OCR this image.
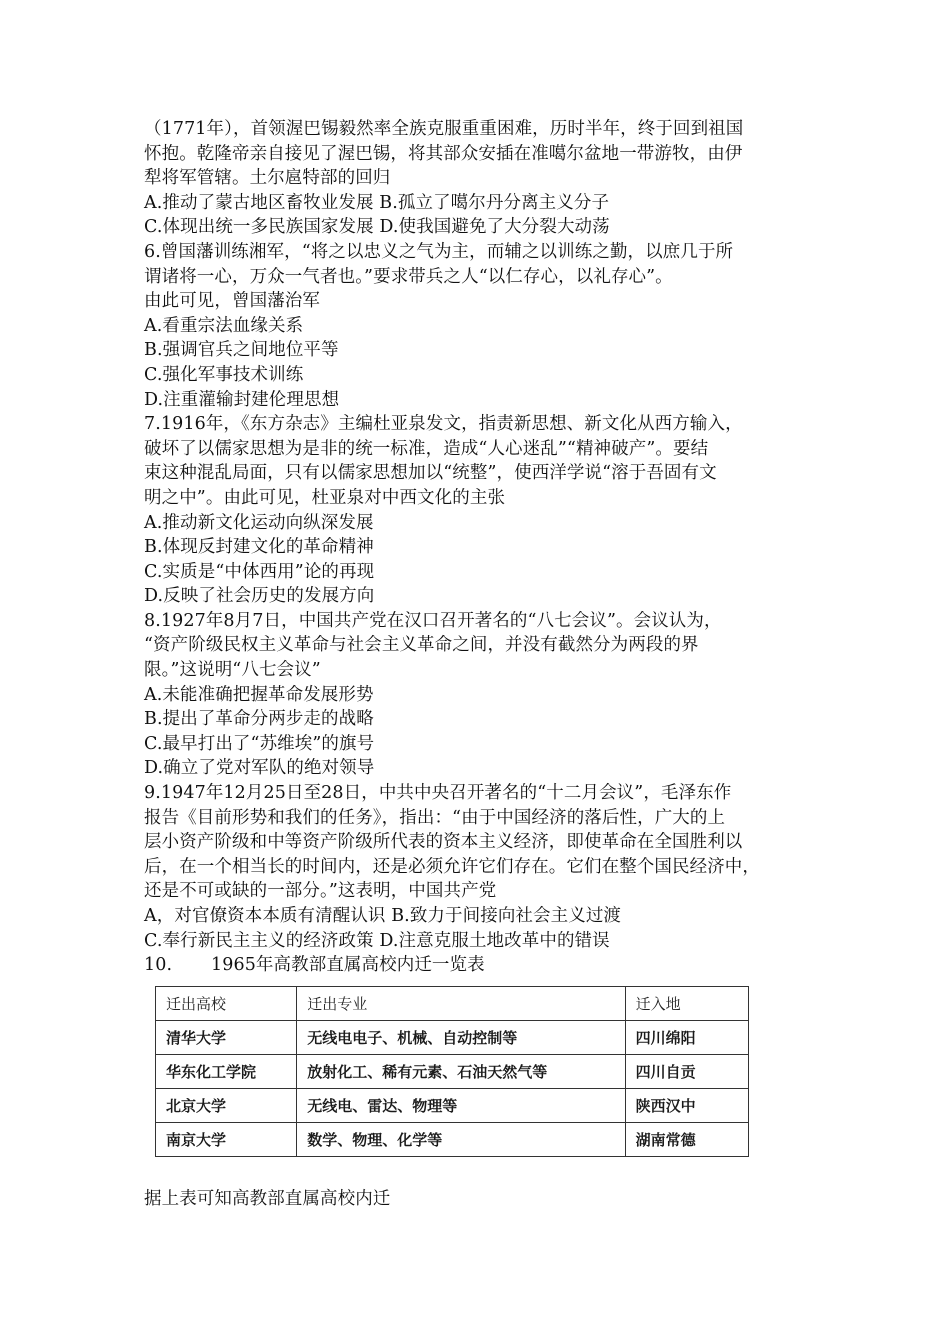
（1771年），首领渥巴锡毅然率全族克服重重困难，历时半年，终于回到祖国
怀抱。乾隆帝亲自接见了渥巴锡，将其部众安插在准噶尔盆地一带游牧，由伊
犁将军管辖。土尔扈特部的回归
A.推动了蒙古地区畜牧业发展 B.孤立了噶尔丹分离主义分子
C.体现出统一多民族国家发展 D.使我国避免了大分裂大动荡
6.曾国藩训练湘军，“将之以忠义之气为主，而辅之以训练之勤，以庶几于所
谓诸将一心，万众一气者也。”要求带兵之人“以仁存心，以礼存心”。
由此可见，曾国藩治军
A.看重宗法血缘关系
B.强调官兵之间地位平等
C.强化军事技术训练
D.注重灌输封建伦理思想
7.1916年，《东方杂志》主编杜亚泉发文，指责新思想、新文化从西方输入，
破坏了以儒家思想为是非的统一标准，造成“人心迷乱”“精神破产”。要结
束这种混乱局面，只有以儒家思想加以“统整”，使西洋学说“溶于吾固有文
明之中”。由此可见，杜亚泉对中西文化的主张
A.推动新文化运动向纵深发展
B.体现反封建文化的革命精神
C.实质是“中体西用”论的再现
D.反映了社会历史的发展方向
8.1927年8月7日，中国共产党在汉口召开著名的“八七会议”。会议认为，
“资产阶级民权主义革命与社会主义革命之间，并没有截然分为两段的界
限。”这说明“八七会议”
A.未能准确把握革命发展形势
B.提出了革命分两步走的战略
C.最早打出了“苏维埃”的旗号
D.确立了党对军队的绝对领导
9.1947年12月25日至28日，中共中央召开著名的“十二月会议”，毛泽东作
报告《目前形势和我们的任务》，指出：“由于中国经济的落后性，广大的上
层小资产阶级和中等资产阶级所代表的资本主义经济，即使革命在全国胜利以
后，在一个相当长的时间内，还是必须允许它们存在。它们在整个国民经济中，
还是不可或缺的一部分。”这表明，中国共产党
A，对官僚资本本质有清醒认识 B.致力于间接向社会主义过渡
C.奉行新民主主义的经济政策 D.注意克服土地改革中的错误
10. 1965年高教部直属高校内迁一览表
迁出高校	迁出专业	迁入地
清华大学	无线电电子、机械、自动控制等	四川绵阳
华东化工学院	放射化工、稀有元素、石油天然气等	四川自贡
北京大学	无线电、雷达、物理等	陕西汉中
南京大学	数学、物理、化学等	湖南常德
据上表可知高教部直属高校内迁
